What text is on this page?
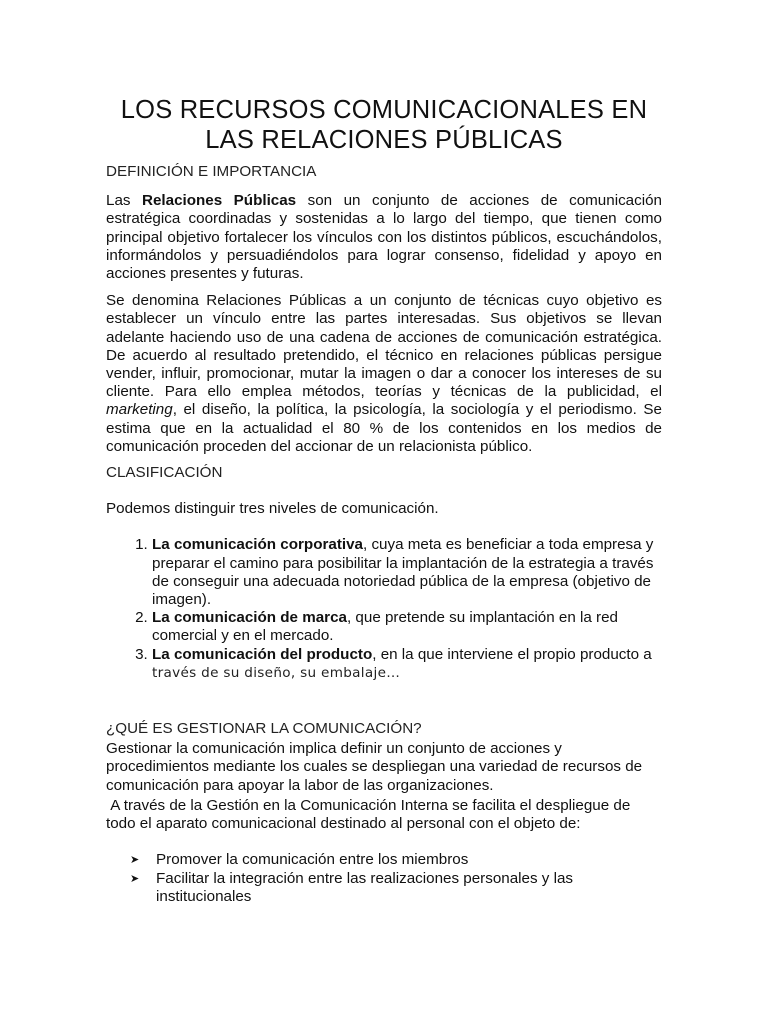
LOS RECURSOS COMUNICACIONALES EN
LAS RELACIONES PÚBLICAS
DEFINICIÓN E IMPORTANCIA

Las Relaciones Públicas son un conjunto de acciones de comunicación estratégica coordinadas y sostenidas a lo largo del tiempo, que tienen como principal objetivo fortalecer los vínculos con los distintos públicos, escuchándolos, informándolos y persuadiéndolos para lograr consenso, fidelidad y apoyo en acciones presentes y futuras.

Se denomina Relaciones Públicas a un conjunto de técnicas cuyo objetivo es establecer un vínculo entre las partes interesadas. Sus objetivos se llevan adelante haciendo uso de una cadena de acciones de comunicación estratégica. De acuerdo al resultado pretendido, el técnico en relaciones públicas persigue vender, influir, promocionar, mutar la imagen o dar a conocer los intereses de su cliente. Para ello emplea métodos, teorías y técnicas de la publicidad, el marketing, el diseño, la política, la psicología, la sociología y el periodismo. Se estima que en la actualidad el 80 % de los contenidos en los medios de comunicación proceden del accionar de un relacionista público.

CLASIFICACIÓN

Podemos distinguir tres niveles de comunicación.

1. La comunicación corporativa, cuya meta es beneficiar a toda empresa y preparar el camino para posibilitar la implantación de la estrategia a través de conseguir una adecuada notoriedad pública de la empresa (objetivo de imagen).
2. La comunicación de marca, que pretende su implantación en la red comercial y en el mercado.
3. La comunicación del producto, en la que interviene el propio producto a
través de su diseño, su embalaje…
¿QUÉ ES GESTIONAR LA COMUNICACIÓN?

Gestionar la comunicación implica definir un conjunto de acciones y procedimientos mediante los cuales se despliegan una variedad de recursos de comunicación para apoyar la labor de las organizaciones.

A través de la Gestión en la Comunicación Interna se facilita el despliegue de todo el aparato comunicacional destinado al personal con el objeto de:

➤ Promover la comunicación entre los miembros
➤ Facilitar la integración entre las realizaciones personales y las institucionales
